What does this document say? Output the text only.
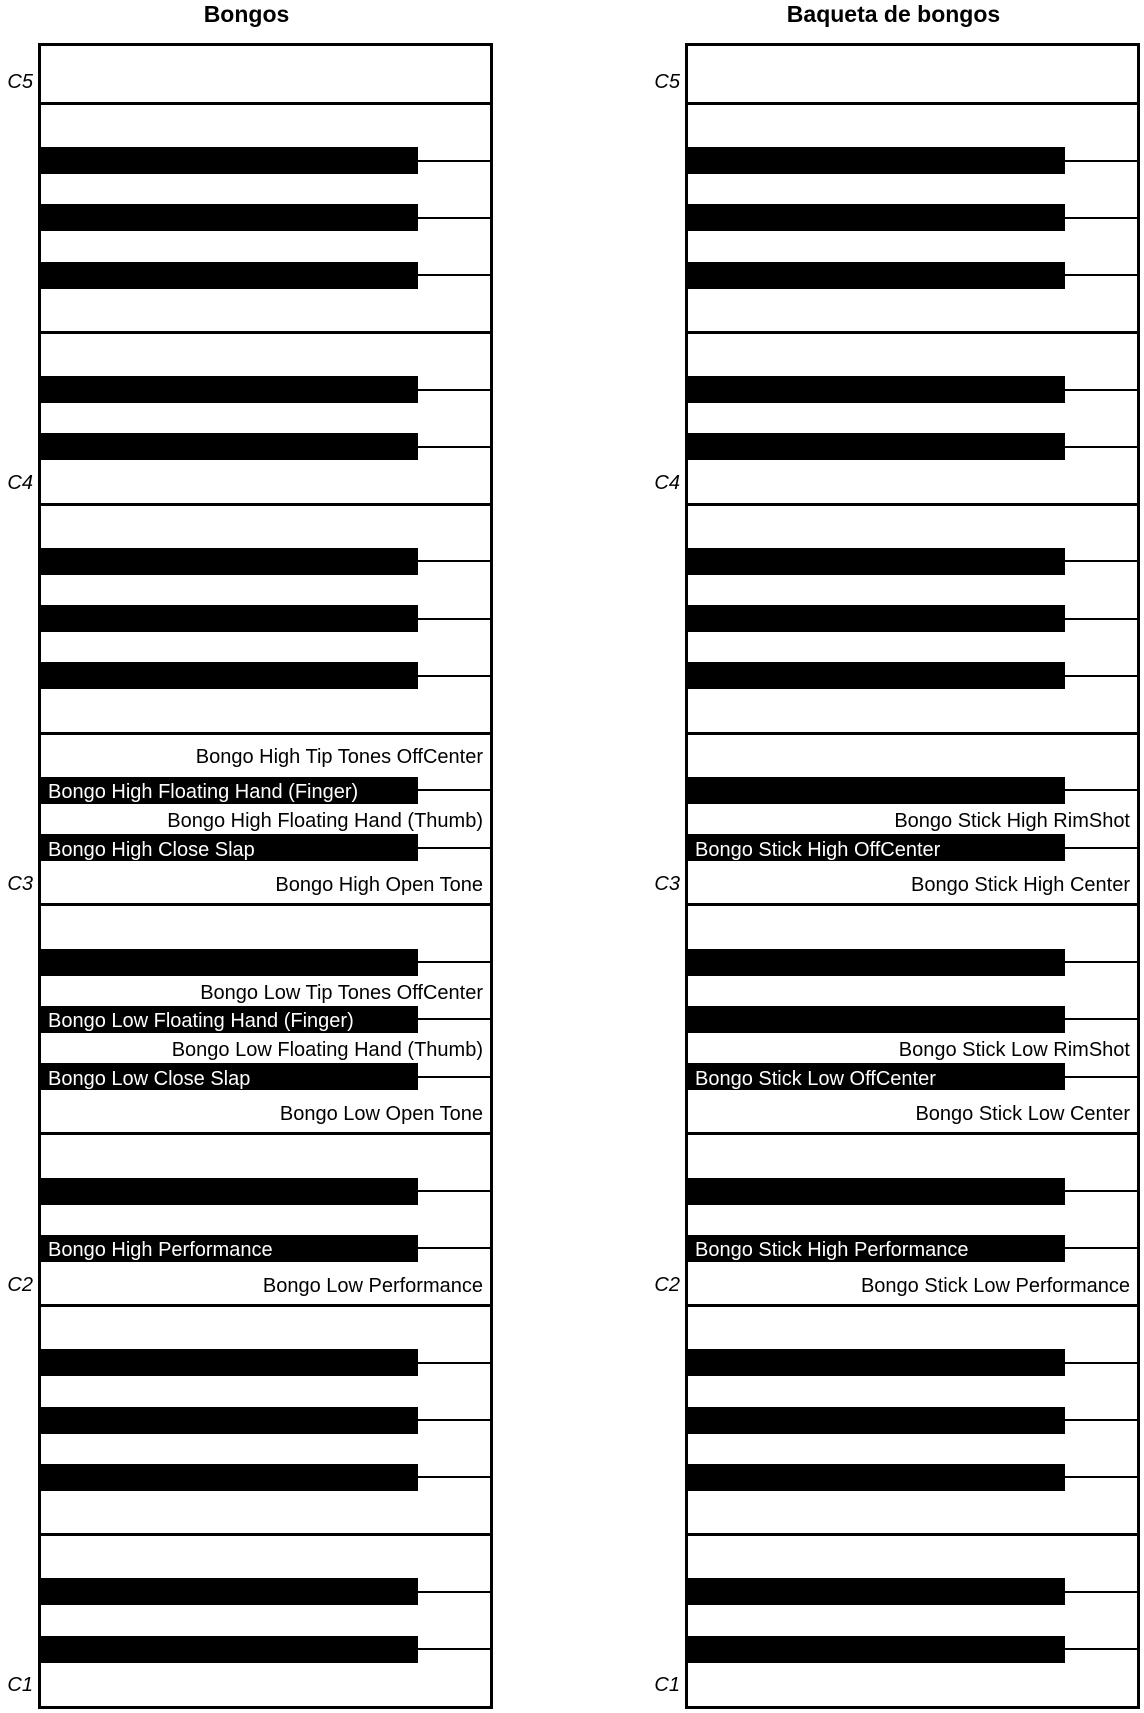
Bongos
Bongo High Floating Hand (Finger)
Bongo High Close Slap
Bongo Low Floating Hand (Finger)
Bongo Low Close Slap
Bongo High Performance
Bongo High Tip Tones OffCenter
Bongo High Floating Hand (Thumb)
Bongo High Open Tone
Bongo Low Tip Tones OffCenter
Bongo Low Floating Hand (Thumb)
Bongo Low Open Tone
Bongo Low Performance
C5
C4
C3
C2
C1
Baqueta de bongos
Bongo Stick High OffCenter
Bongo Stick Low OffCenter
Bongo Stick High Performance
Bongo Stick High RimShot
Bongo Stick High Center
Bongo Stick Low RimShot
Bongo Stick Low Center
Bongo Stick Low Performance
C5
C4
C3
C2
C1
